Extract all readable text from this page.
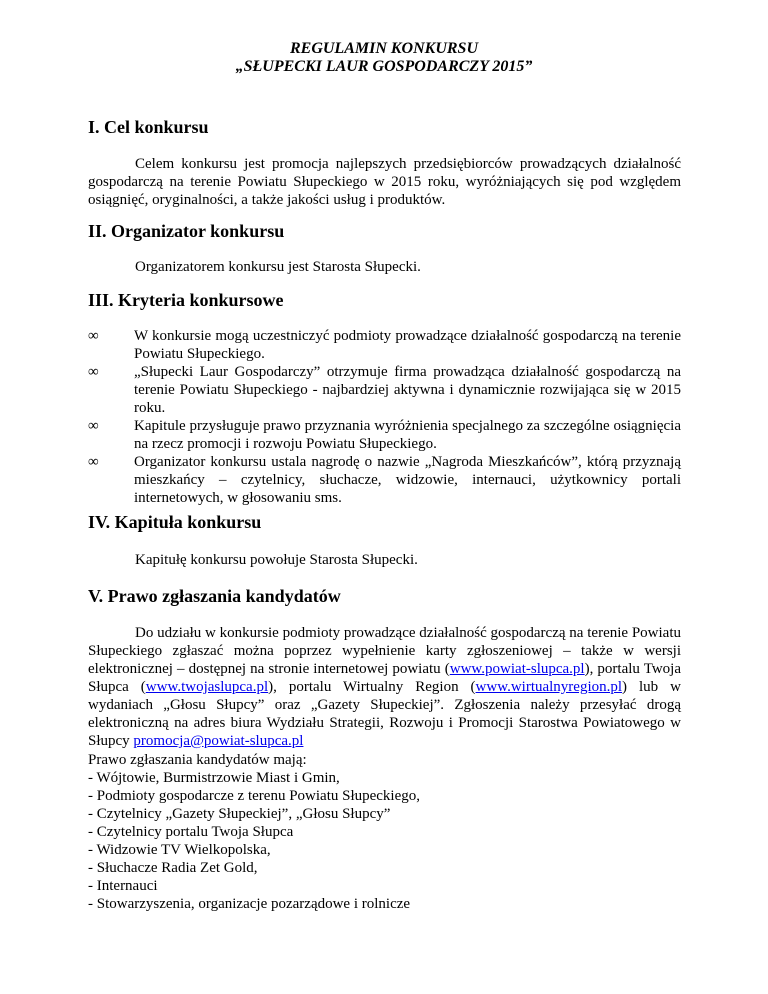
REGULAMIN KONKURSU
„SŁUPECKI LAUR GOSPODARCZY 2015”
I. Cel konkursu
Celem konkursu jest promocja najlepszych przedsiębiorców prowadzących działalność gospodarczą na terenie Powiatu Słupeckiego w 2015 roku, wyróżniających się pod względem osiągnięć, oryginalności, a także jakości usług i produktów.
II. Organizator konkursu
Organizatorem konkursu jest Starosta Słupecki.
III. Kryteria konkursowe
∞ W konkursie mogą uczestniczyć podmioty prowadzące działalność gospodarczą na terenie Powiatu Słupeckiego.
∞ „Słupecki Laur Gospodarczy” otrzymuje firma prowadząca działalność gospodarczą na terenie Powiatu Słupeckiego - najbardziej aktywna i dynamicznie rozwijająca się w 2015 roku.
∞ Kapitule przysługuje prawo przyznania wyróżnienia specjalnego za szczególne osiągnięcia na rzecz promocji i rozwoju Powiatu Słupeckiego.
∞ Organizator konkursu ustala nagrodę o nazwie „Nagroda Mieszkańców”, którą przyznają mieszkańcy – czytelnicy, słuchacze, widzowie, internauci, użytkownicy portali internetowych, w głosowaniu sms.
IV. Kapituła konkursu
Kapitułę konkursu powołuje Starosta Słupecki.
V. Prawo zgłaszania kandydatów
Do udziału w konkursie podmioty prowadzące działalność gospodarczą na terenie Powiatu Słupeckiego zgłaszać można poprzez wypełnienie karty zgłoszeniowej – także w wersji elektronicznej – dostępnej na stronie internetowej powiatu (www.powiat-slupca.pl), portalu Twoja Słupca (www.twojaslupca.pl), portalu Wirtualny Region (www.wirtualnyregion.pl) lub w wydaniach „Głosu Słupcy” oraz „Gazety Słupeckiej”. Zgłoszenia należy przesyłać drogą elektroniczną na adres biura Wydziału Strategii, Rozwoju i Promocji Starostwa Powiatowego w Słupcy promocja@powiat-slupca.pl
Prawo zgłaszania kandydatów mają:
- Wójtowie, Burmistrzowie Miast i Gmin,
- Podmioty gospodarcze z terenu Powiatu Słupeckiego,
- Czytelnicy „Gazety Słupeckiej”, „Głosu Słupcy”
- Czytelnicy portalu Twoja Słupca
- Widzowie TV Wielkopolska,
- Słuchacze Radia Zet Gold,
- Internauci
- Stowarzyszenia, organizacje pozarządowe i rolnicze
